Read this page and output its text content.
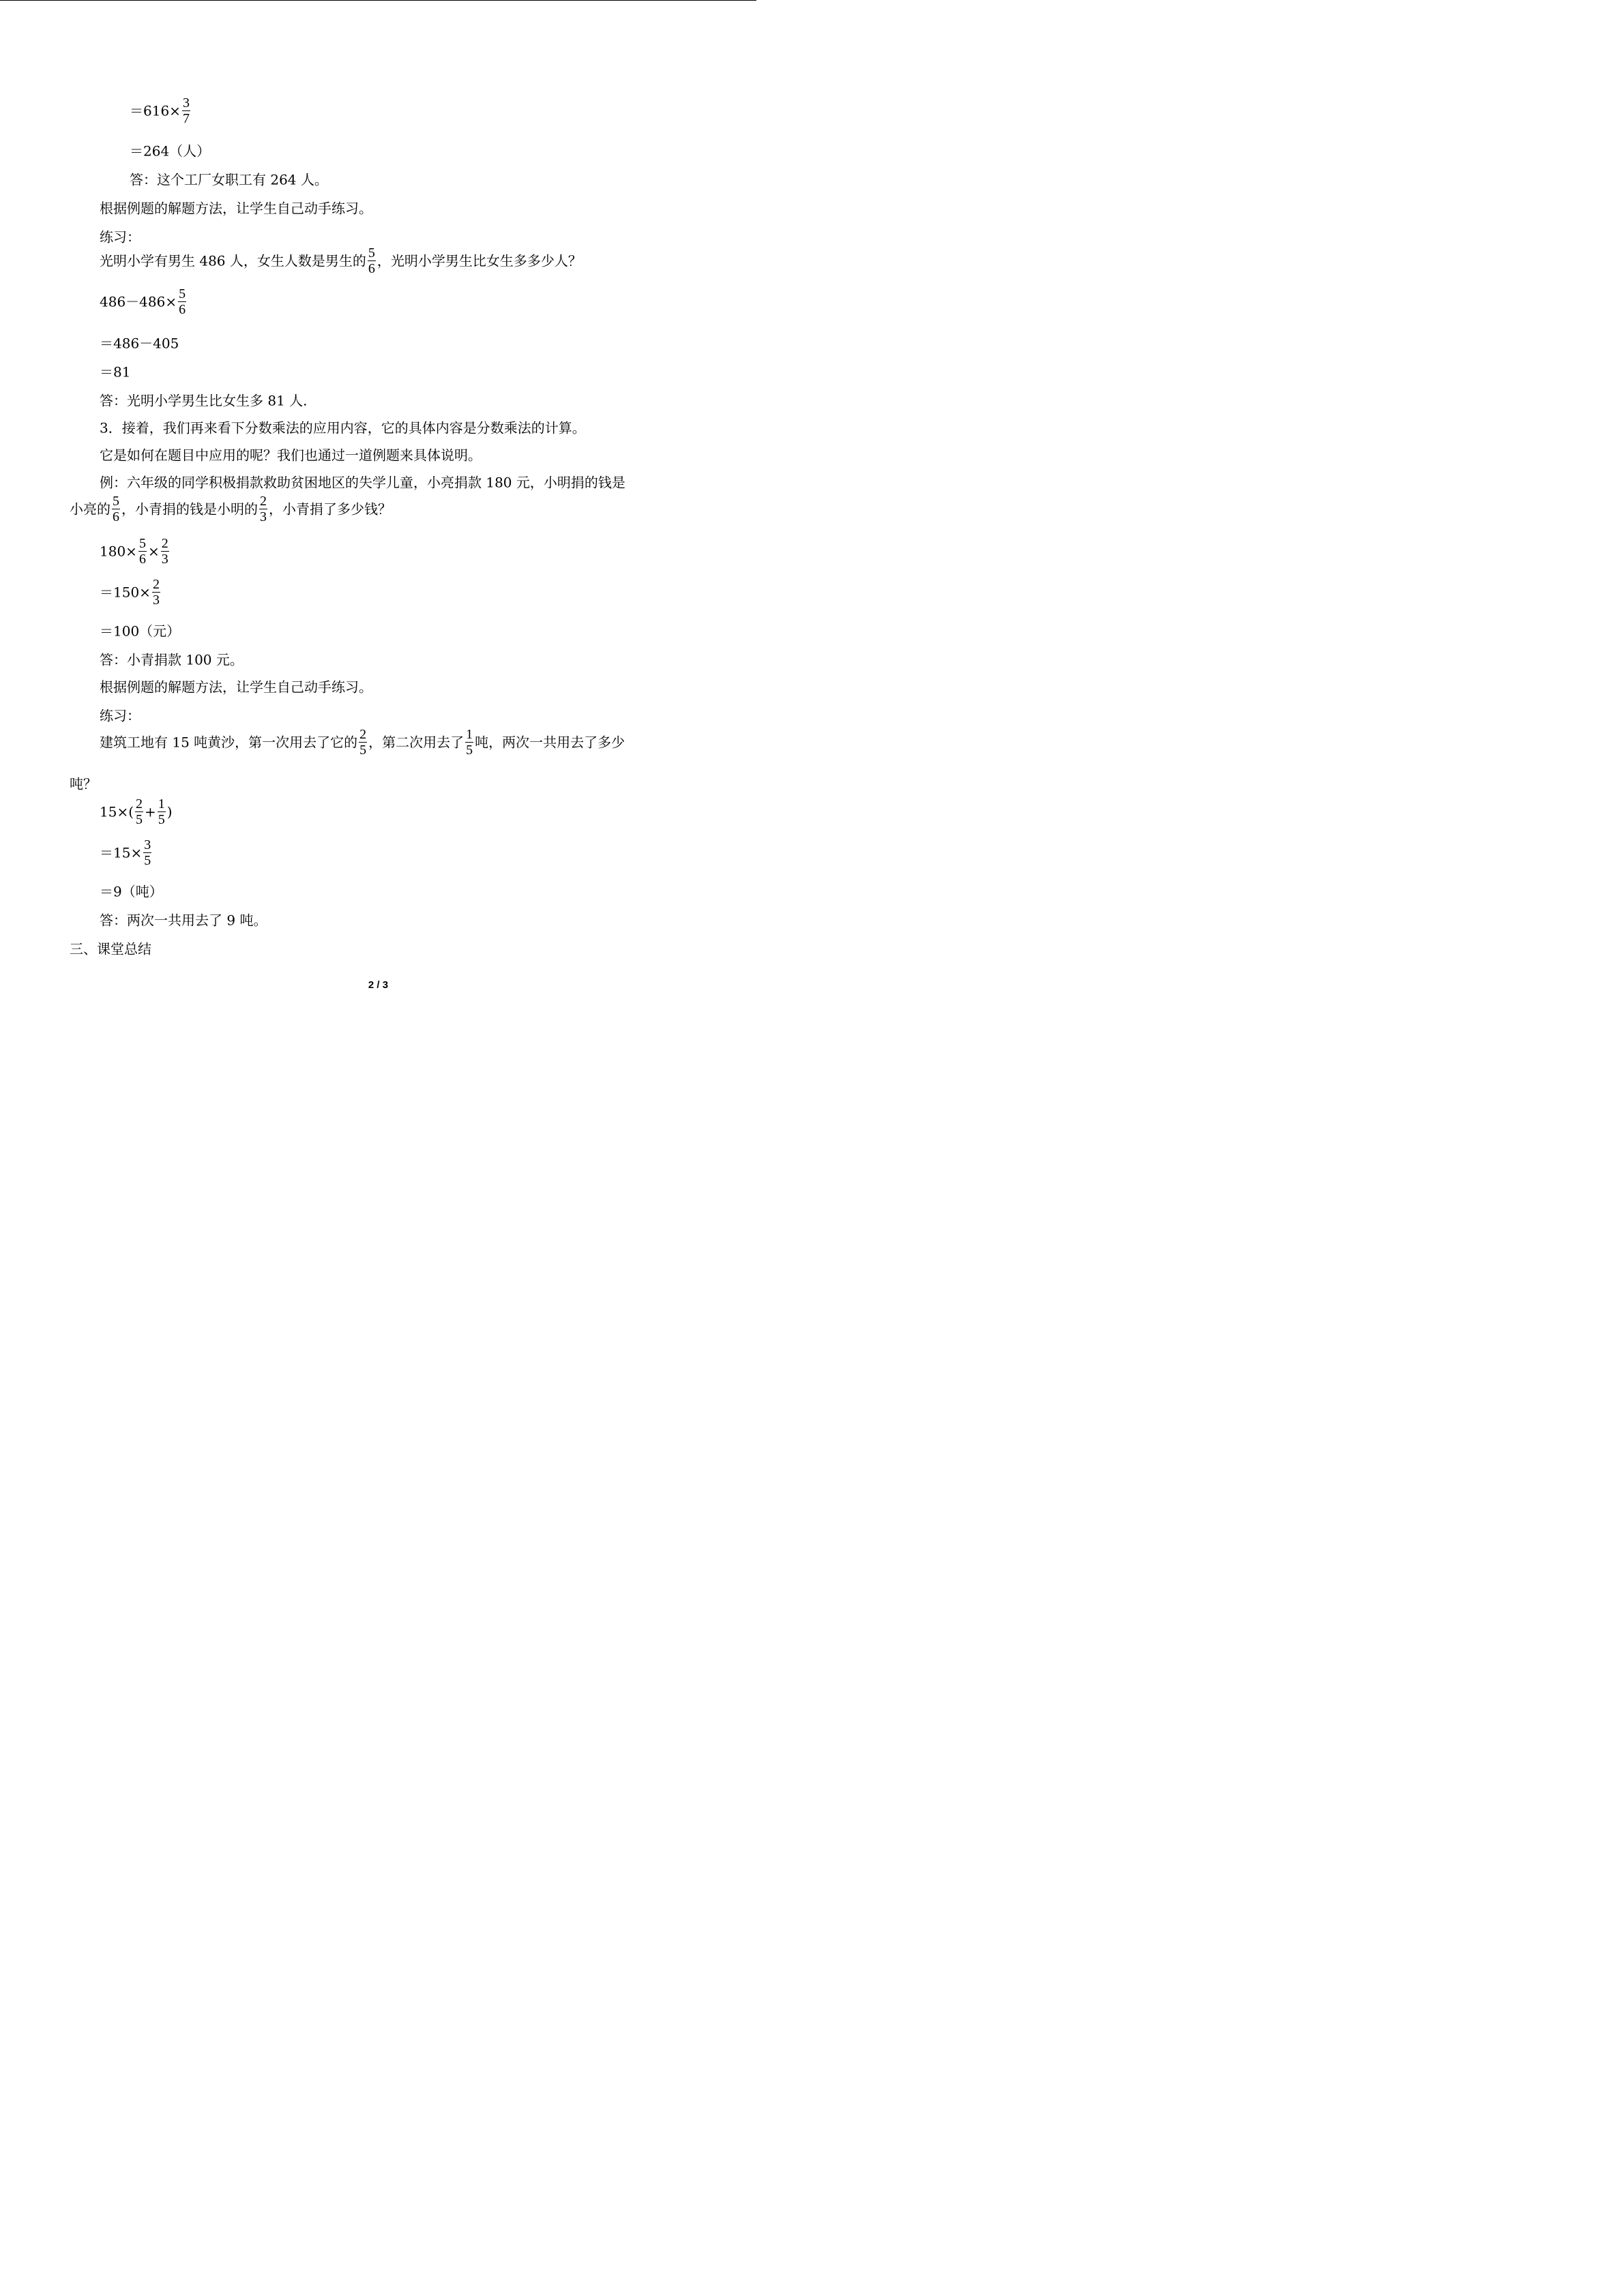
$=616\times \frac{3}{7}$
＝264（人）
答：这个工厂女职工有 264 人。
根据例题的解题方法，让学生自己动手练习。
练习：
光明小学有男生 486 人，女生人数是男生的 $\frac{5}{6}$ ，光明小学男生比女生多多少人？
$486-486\times \frac{5}{6}$
＝486－405
＝81
答：光明小学男生比女生多 81 人.
3．接着，我们再来看下分数乘法的应用内容，它的具体内容是分数乘法的计算。
它是如何在题目中应用的呢？我们也通过一道例题来具体说明。
例：六年级的同学积极捐款救助贫困地区的失学儿童，小亮捐款 180 元，小明捐的钱是
小亮的 $\frac{5}{6}$ ，小青捐的钱是小明的 $\frac{2}{3}$ ，小青捐了多少钱？
$180\times \frac{5}{6} \times \frac{2}{3}$
$=150\times \frac{2}{3}$
＝100（元）
答：小青捐款 100 元。
根据例题的解题方法，让学生自己动手练习。
练习：
建筑工地有 15 吨黄沙，第一次用去了它的 $\frac{2}{5}$ ，第二次用去了 $\frac{1}{5}$ 吨，两次一共用去了多少
吨？
$15\times( \frac{2}{5} + \frac{1}{5}$ )
$=15\times \frac{3}{5}$
＝9（吨）
答：两次一共用去了 9 吨。
三、课堂总结
2 / 3
